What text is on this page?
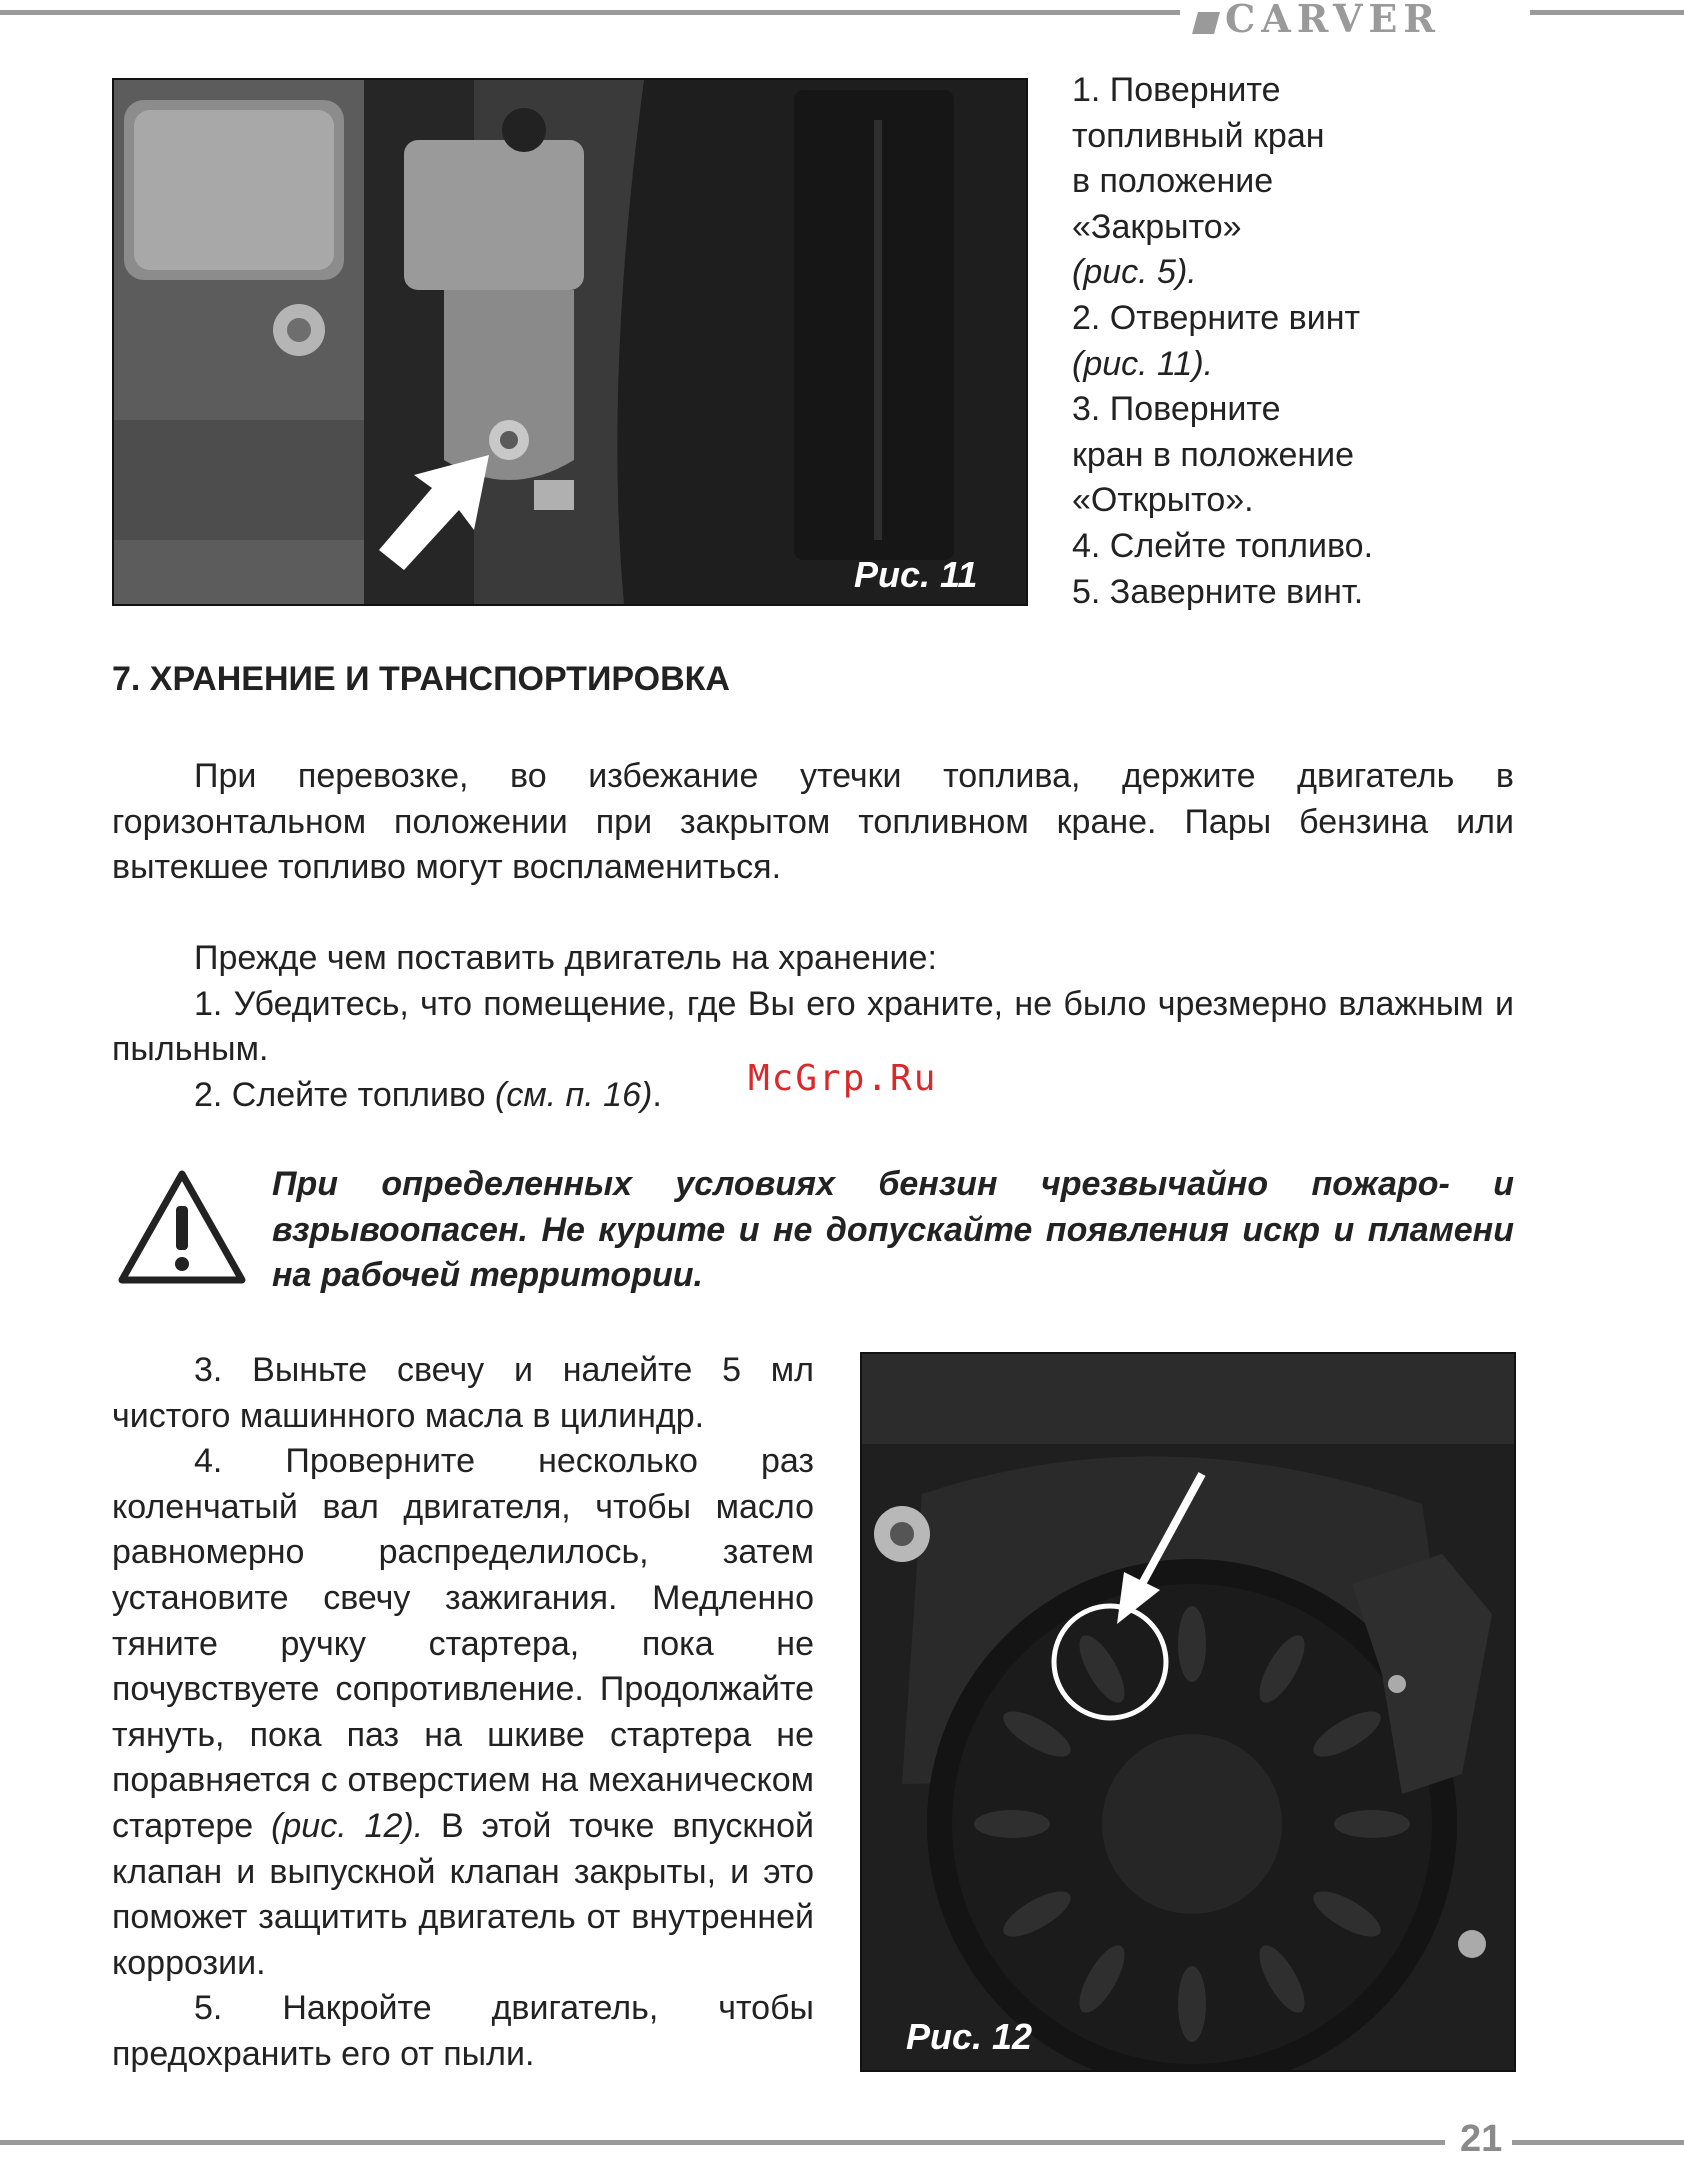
CARVER
Рис. 11
1. Поверните
топливный кран
в положение
«Закрыто»
(рис. 5).
2. Отверните винт
(рис. 11).
3. Поверните
кран в положение
«Открыто».
4. Слейте топливо.
5. Заверните винт.
7. ХРАНЕНИЕ И ТРАНСПОРТИРОВКА

При перевозке, во избежание утечки топлива, держите двигатель в горизонтальном положении при закрытом топливном кране. Пары бензина или вытекшее топливо могут воспламениться.

Прежде чем поставить двигатель на хранение:

1. Убедитесь, что помещение, где Вы его храните, не было чрезмерно влажным и пыльным.

2. Слейте топливо (см. п. 16).	McGrp.Ru
При определенных условиях бензин чрезвычайно пожаро- и взрывоопасен. Не курите и не допускайте появления искр и пламени на рабочей территории.

3. Выньте свечу и налейте 5 мл чистого машинного масла в цилиндр.

4. Проверните несколько раз коленчатый вал двигателя, чтобы масло равномерно распределилось, затем установите свечу зажигания. Медленно тяните ручку стартера, пока не почувствуете сопротивление. Продолжайте тянуть, пока паз на шкиве стартера не поравняется с отверстием на механическом стартере (рис. 12). В этой точке впускной клапан и выпускной клапан закрыты, и это поможет защитить двигатель от внутренней коррозии.

5. Накройте двигатель, чтобы предохранить его от пыли.	Рис. 12
21
